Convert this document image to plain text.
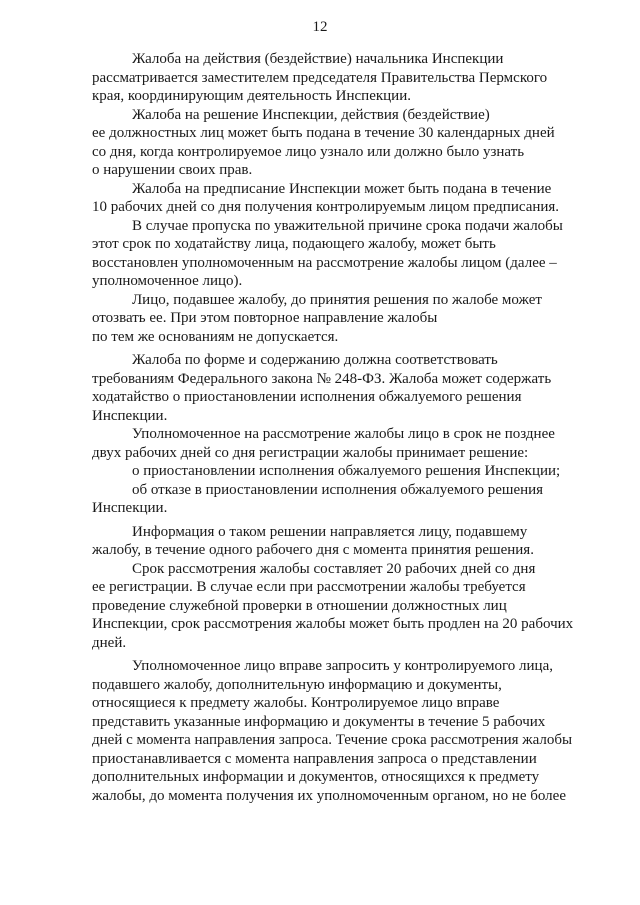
12

Жалоба на действия (бездействие) начальника Инспекции
рассматривается заместителем председателя Правительства Пермского
края, координирующим деятельность Инспекции.

Жалоба на решение Инспекции, действия (бездействие)
ее должностных лиц может быть подана в течение 30 календарных дней
со дня, когда контролируемое лицо узнало или должно было узнать
о нарушении своих прав.

Жалоба на предписание Инспекции может быть подана в течение
10 рабочих дней со дня получения контролируемым лицом предписания.

В случае пропуска по уважительной причине срока подачи жалобы
этот срок по ходатайству лица, подающего жалобу, может быть
восстановлен уполномоченным на рассмотрение жалобы лицом (далее –
уполномоченное лицо).

Лицо, подавшее жалобу, до принятия решения по жалобе может
отозвать ее. При этом повторное направление жалобы
по тем же основаниям не допускается.

Жалоба по форме и содержанию должна соответствовать
требованиям Федерального закона № 248-ФЗ. Жалоба может содержать
ходатайство о приостановлении исполнения обжалуемого решения
Инспекции.

Уполномоченное на рассмотрение жалобы лицо в срок не позднее
двух рабочих дней со дня регистрации жалобы принимает решение:

о приостановлении исполнения обжалуемого решения Инспекции;

об отказе в приостановлении исполнения обжалуемого решения
Инспекции.

Информация о таком решении направляется лицу, подавшему
жалобу, в течение одного рабочего дня с момента принятия решения.

Срок рассмотрения жалобы составляет 20 рабочих дней со дня
ее регистрации. В случае если при рассмотрении жалобы требуется
проведение служебной проверки в отношении должностных лиц
Инспекции, срок рассмотрения жалобы может быть продлен на 20 рабочих
дней.

Уполномоченное лицо вправе запросить у контролируемого лица,
подавшего жалобу, дополнительную информацию и документы,
относящиеся к предмету жалобы. Контролируемое лицо вправе
представить указанные информацию и документы в течение 5 рабочих
дней с момента направления запроса. Течение срока рассмотрения жалобы
приостанавливается с момента направления запроса о представлении
дополнительных информации и документов, относящихся к предмету
жалобы, до момента получения их уполномоченным органом, но не более
